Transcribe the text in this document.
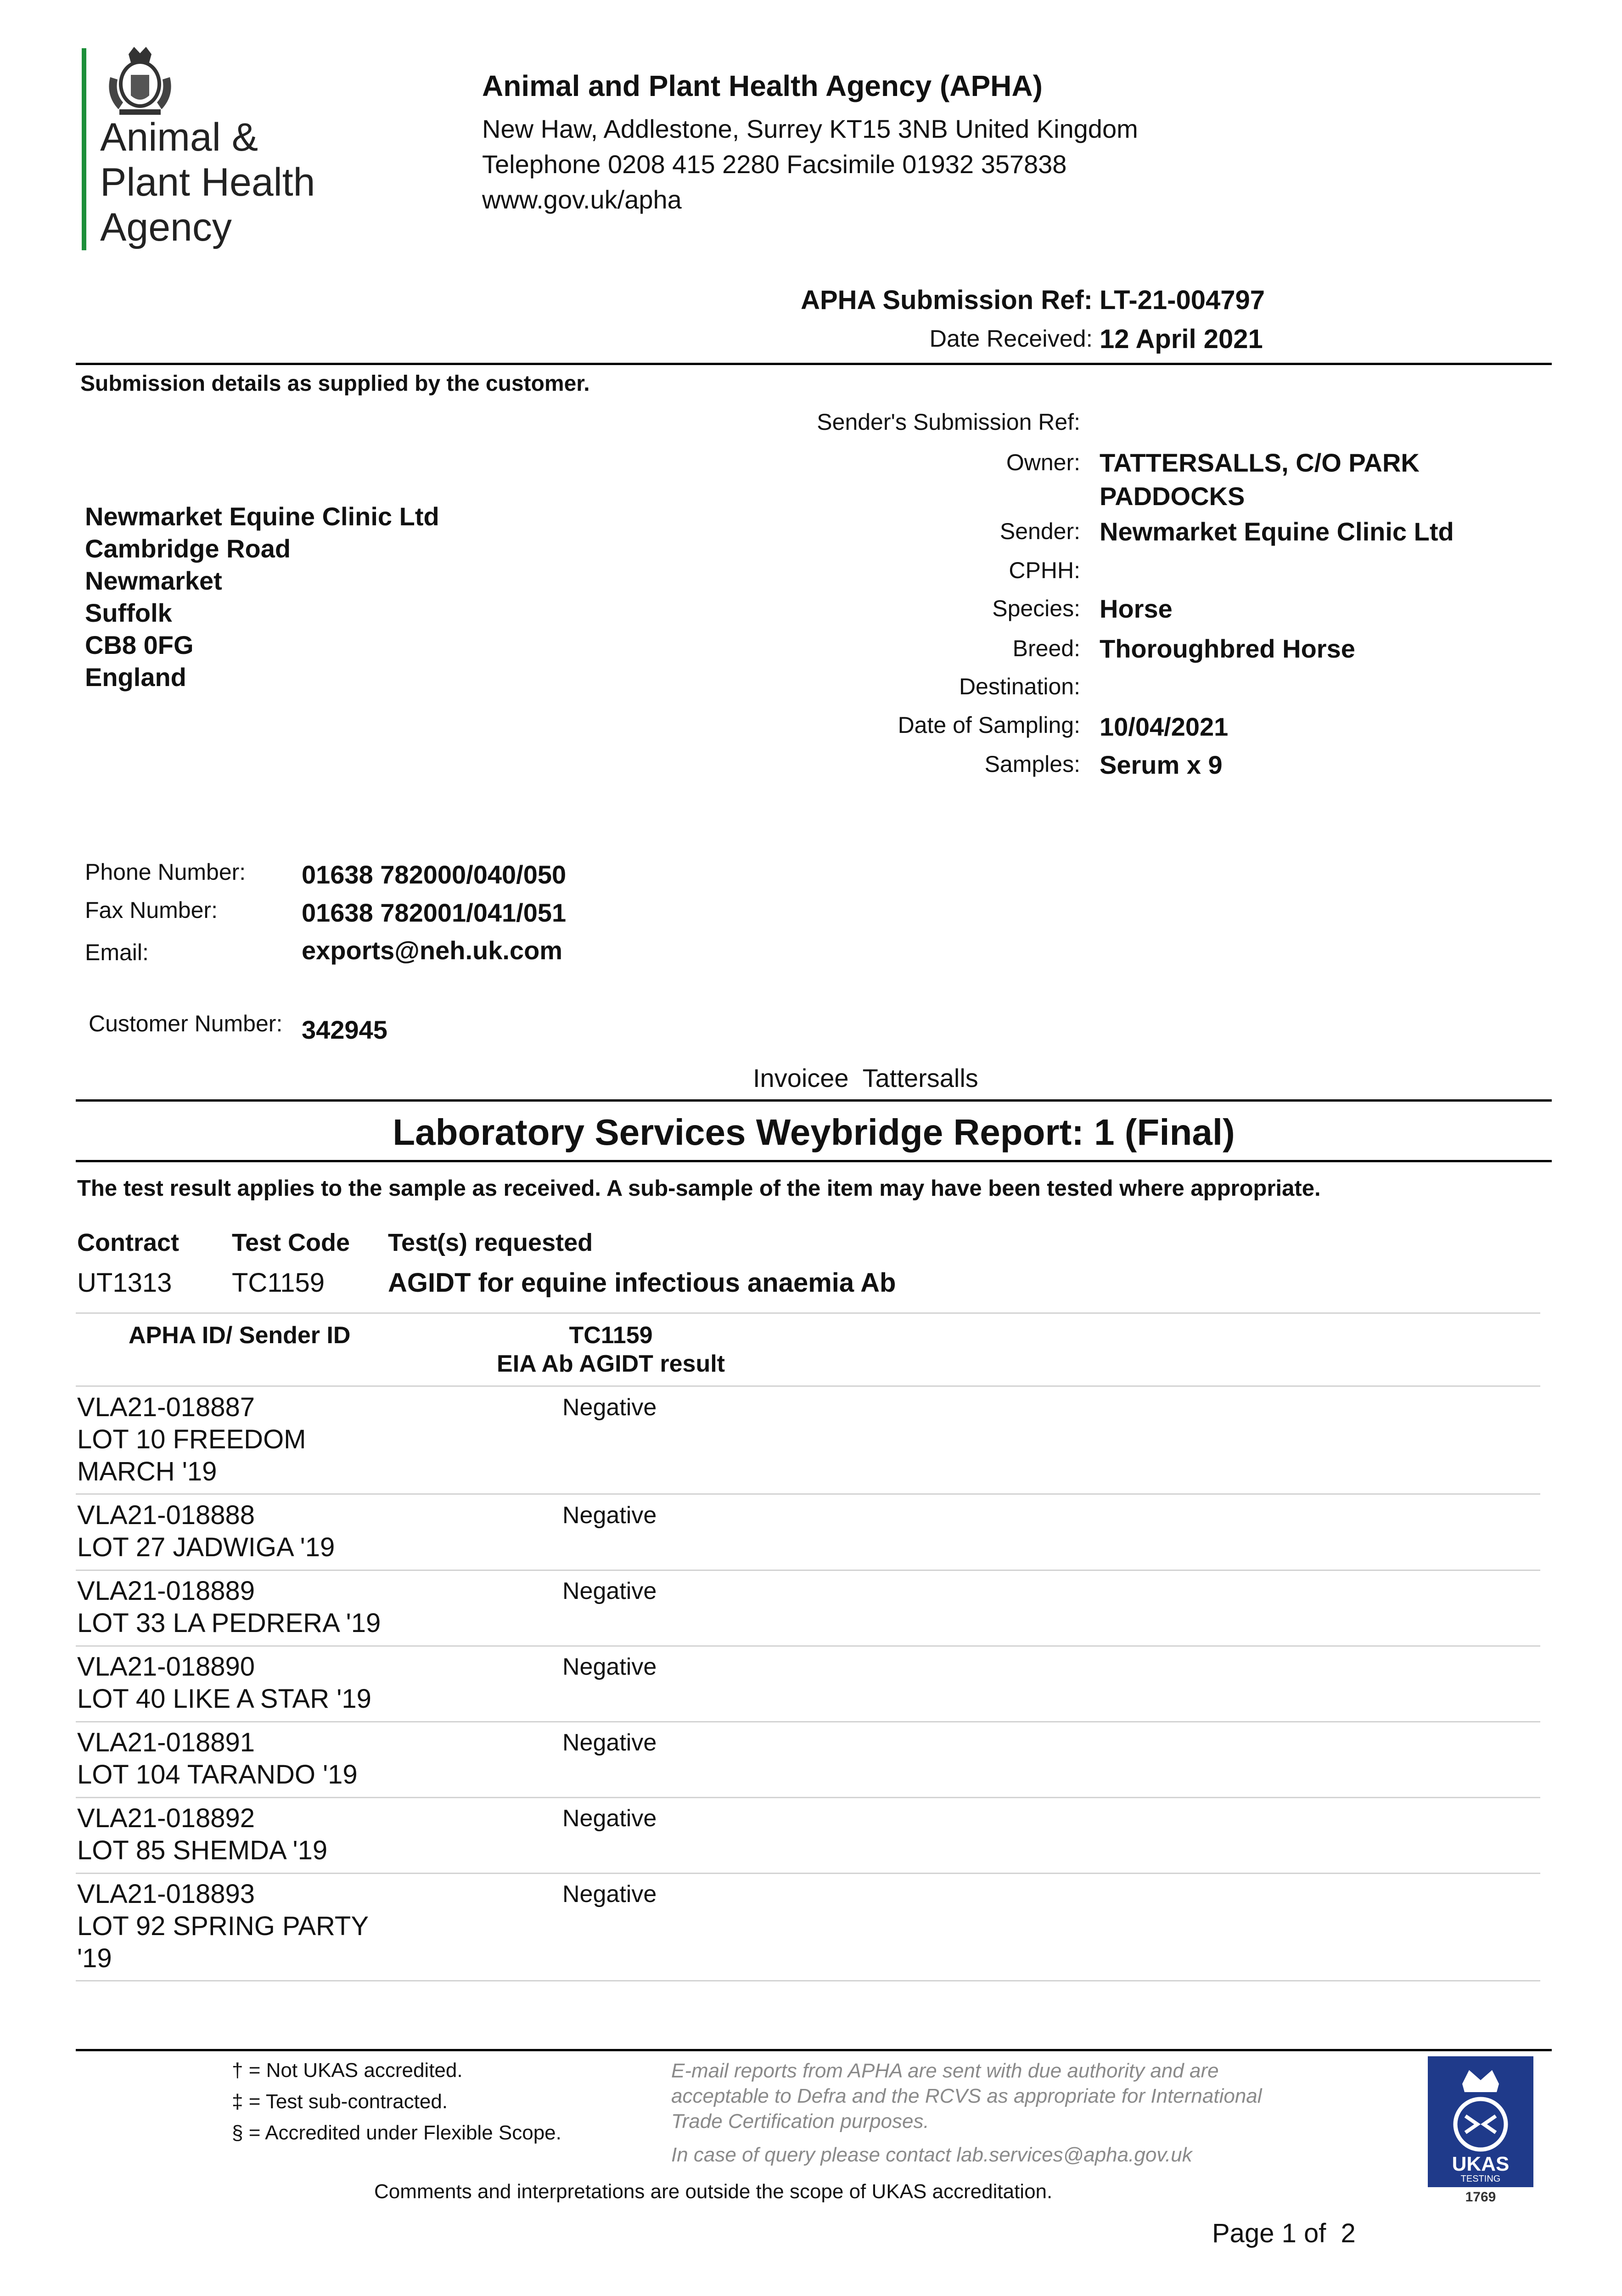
Animal &
Plant Health
Agency
Animal and Plant Health Agency (APHA)
New Haw, Addlestone, Surrey KT15 3NB United Kingdom
Telephone 0208 415 2280 Facsimile 01932 357838
www.gov.uk/apha
APHA Submission Ref: LT-21-004797
Date Received: 12 April 2021
Submission details as supplied by the customer.
Newmarket Equine Clinic Ltd
Cambridge Road
Newmarket
Suffolk
CB8 0FG
England
Sender's Submission Ref:
Owner: TATTERSALLS, C/O PARK
PADDOCKS
Sender: Newmarket Equine Clinic Ltd
CPHH:
Species: Horse
Breed: Thoroughbred Horse
Destination:
Date of Sampling: 10/04/2021
Samples: Serum x 9
Phone Number: 01638 782000/040/050
Fax Number:	01638 782001/041/051
Email:	exports@neh.uk.com
Customer Number: 342945
Invoicee  Tattersalls
Laboratory Services Weybridge Report: 1 (Final)
The test result applies to the sample as received. A sub-sample of the item may have been tested where appropriate.
Contract Test Code Test(s) requested
UT1313 TC1159 AGIDT for equine infectious anaemia Ab
APHA ID/ Sender ID	TC1159
EIA Ab AGIDT result
VLA21-018887
LOT 10 FREEDOM
MARCH '19
Negative
VLA21-018888
LOT 27 JADWIGA '19
Negative
VLA21-018889
LOT 33 LA PEDRERA '19
Negative
VLA21-018890
LOT 40 LIKE A STAR '19
Negative
VLA21-018891
LOT 104 TARANDO '19
Negative
VLA21-018892
LOT 85 SHEMDA '19
Negative
VLA21-018893
LOT 92 SPRING PARTY
'19
Negative
† = Not UKAS accredited.
‡ = Test sub-contracted.
§ = Accredited under Flexible Scope.
E-mail reports from APHA are sent with due authority and are
acceptable to Defra and the RCVS as appropriate for International
Trade Certification purposes.
In case of query please contact lab.services@apha.gov.uk
Comments and interpretations are outside the scope of UKAS accreditation.
UKAS
TESTING
1769
Page 1 of  2
